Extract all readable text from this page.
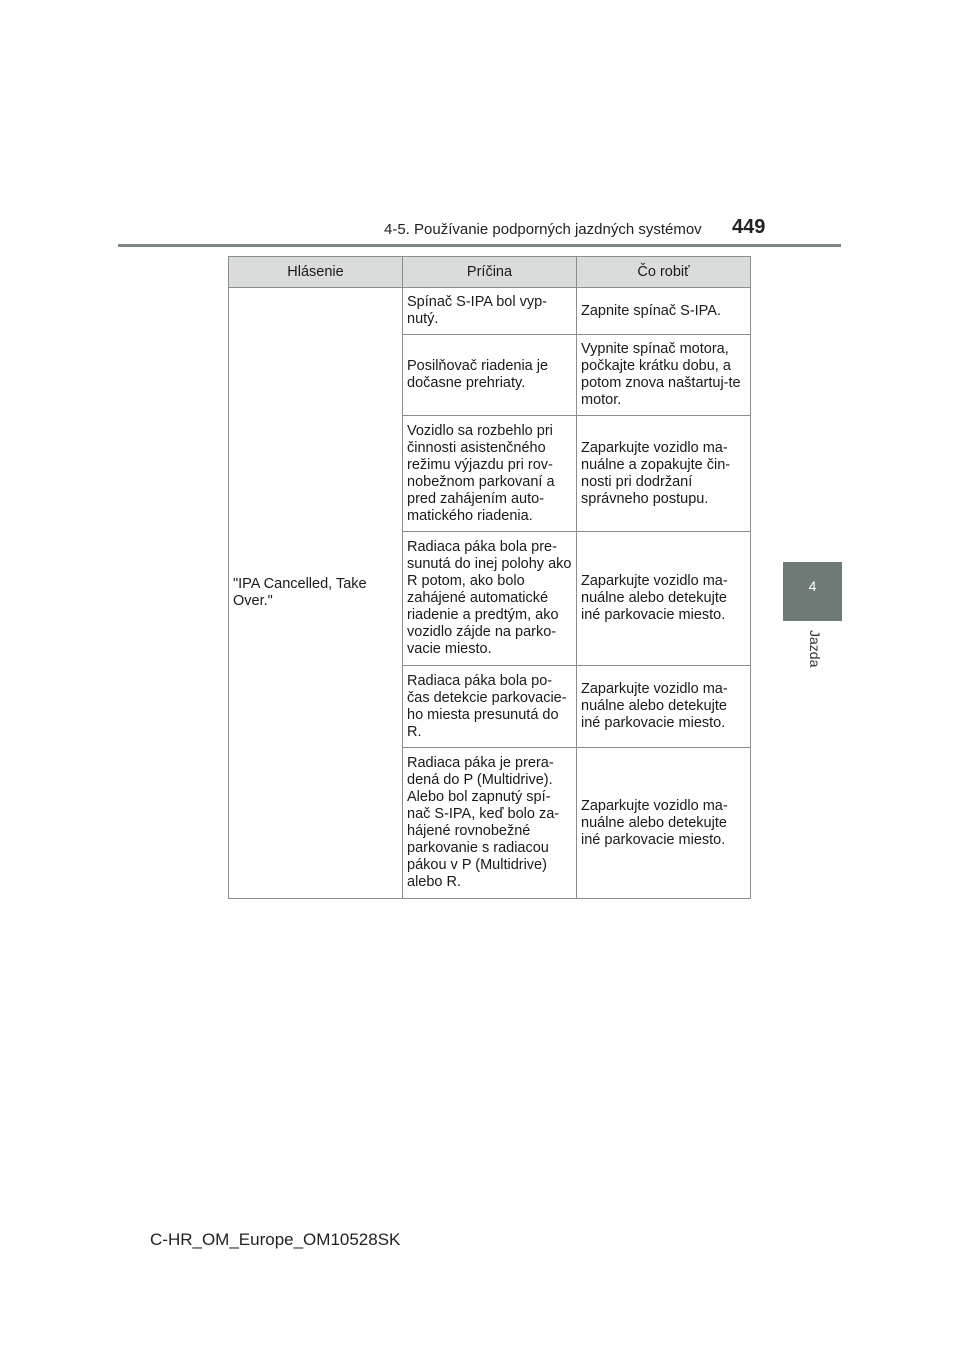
4-5. Používanie podporných jazdných systémov 449
4
Jazda
Hlásenie	Príčina	Čo robiť
"IPA Cancelled, Take Over."	Spínač S-IPA bol vyp-nutý.	Zapnite spínač S-IPA.
	Posilňovač riadenia je dočasne prehriaty.	Vypnite spínač motora, počkajte krátku dobu, a potom znova naštartuj-te motor.
	Vozidlo sa rozbehlo pri činnosti asistenčného režimu výjazdu pri rov-nobežnom parkovaní a pred zahájením auto-matického riadenia.	Zaparkujte vozidlo ma-nuálne a zopakujte čin-nosti pri dodržaní správneho postupu.
	Radiaca páka bola pre-sunutá do inej polohy ako R potom, ako bolo zahájené automatické riadenie a predtým, ako vozidlo zájde na parko-vacie miesto.	Zaparkujte vozidlo ma-nuálne alebo detekujte iné parkovacie miesto.
	Radiaca páka bola po-čas detekcie parkovacie-ho miesta presunutá do R.	Zaparkujte vozidlo ma-nuálne alebo detekujte iné parkovacie miesto.
	Radiaca páka je prera-dená do P (Multidrive). Alebo bol zapnutý spí-nač S-IPA, keď bolo za-hájené rovnobežné parkovanie s radiacou pákou v P (Multidrive) alebo R.	Zaparkujte vozidlo ma-nuálne alebo detekujte iné parkovacie miesto.
C-HR_OM_Europe_OM10528SK
